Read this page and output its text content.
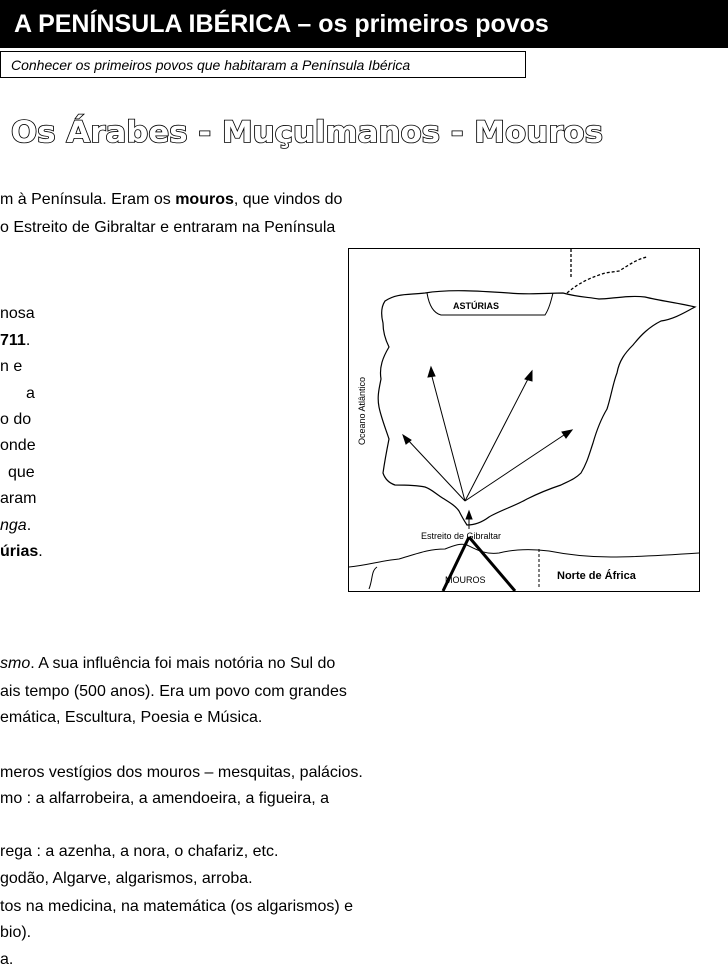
A PENÍNSULA IBÉRICA – os primeiros povos
Conhecer os primeiros povos que habitaram a Península Ibérica
Os Árabes - Muçulmanos - Mouros
m à Península. Eram os mouros, que vindos do
o Estreito de Gibraltar e entraram na Península
nosa
711.
n e
a
o do
onde
que
aram
nga.
úrias.
ASTÚRIAS
Oceano Atlântico
Estreito de Gibraltar
Norte de África
MOUROS
smo. A sua influência foi mais notória no Sul do
ais tempo (500 anos). Era um povo com grandes
emática, Escultura, Poesia e Música.
meros vestígios dos mouros – mesquitas, palácios.
mo : a alfarrobeira, a amendoeira, a figueira, a
rega : a azenha, a nora, o chafariz, etc.
godão, Algarve, algarismos, arroba.
tos na medicina, na matemática (os algarismos) e
bio).
a.
